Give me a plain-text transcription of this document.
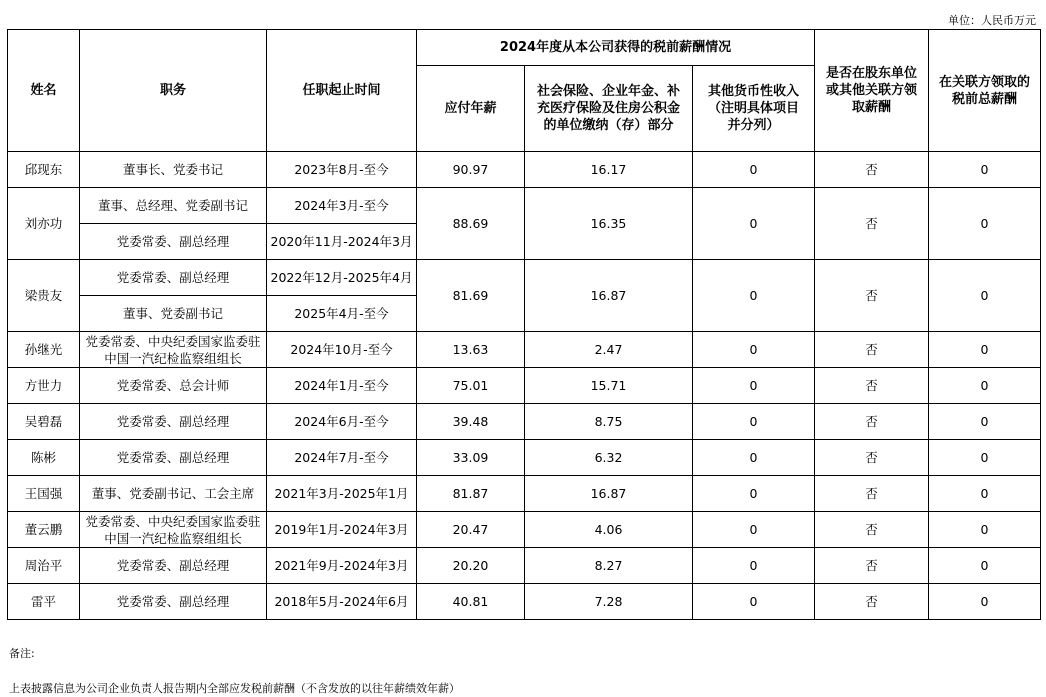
单位：人民币万元
姓名	职务	任职起止时间	2024年度从本公司获得的税前薪酬情况			是否在股东单位或其他关联方领取薪酬	在关联方领取的税前总薪酬
			应付年薪	社会保险、企业年金、补充医疗保险及住房公积金的单位缴纳（存）部分	其他货币性收入（注明具体项目并分列）		
邱现东	董事长、党委书记	2023年8月-至今	90.97	16.17	0	否	0
刘亦功	董事、总经理、党委副书记	2024年3月-至今	88.69	16.35	0	否	0
	党委常委、副总经理	2020年11月-2024年3月					
梁贵友	党委常委、副总经理	2022年12月-2025年4月	81.69	16.87	0	否	0
	董事、党委副书记	2025年4月-至今					
孙继光	党委常委、中央纪委国家监委驻中国一汽纪检监察组组长	2024年10月-至今	13.63	2.47	0	否	0
方世力	党委常委、总会计师	2024年1月-至今	75.01	15.71	0	否	0
吴碧磊	党委常委、副总经理	2024年6月-至今	39.48	8.75	0	否	0
陈彬	党委常委、副总经理	2024年7月-至今	33.09	6.32	0	否	0
王国强	董事、党委副书记、工会主席	2021年3月-2025年1月	81.87	16.87	0	否	0
董云鹏	党委常委、中央纪委国家监委驻中国一汽纪检监察组组长	2019年1月-2024年3月	20.47	4.06	0	否	0
周治平	党委常委、副总经理	2021年9月-2024年3月	20.20	8.27	0	否	0
雷平	党委常委、副总经理	2018年5月-2024年6月	40.81	7.28	0	否	0
备注:
上表披露信息为公司企业负责人报告期内全部应发税前薪酬（不含发放的以往年薪绩效年薪）
